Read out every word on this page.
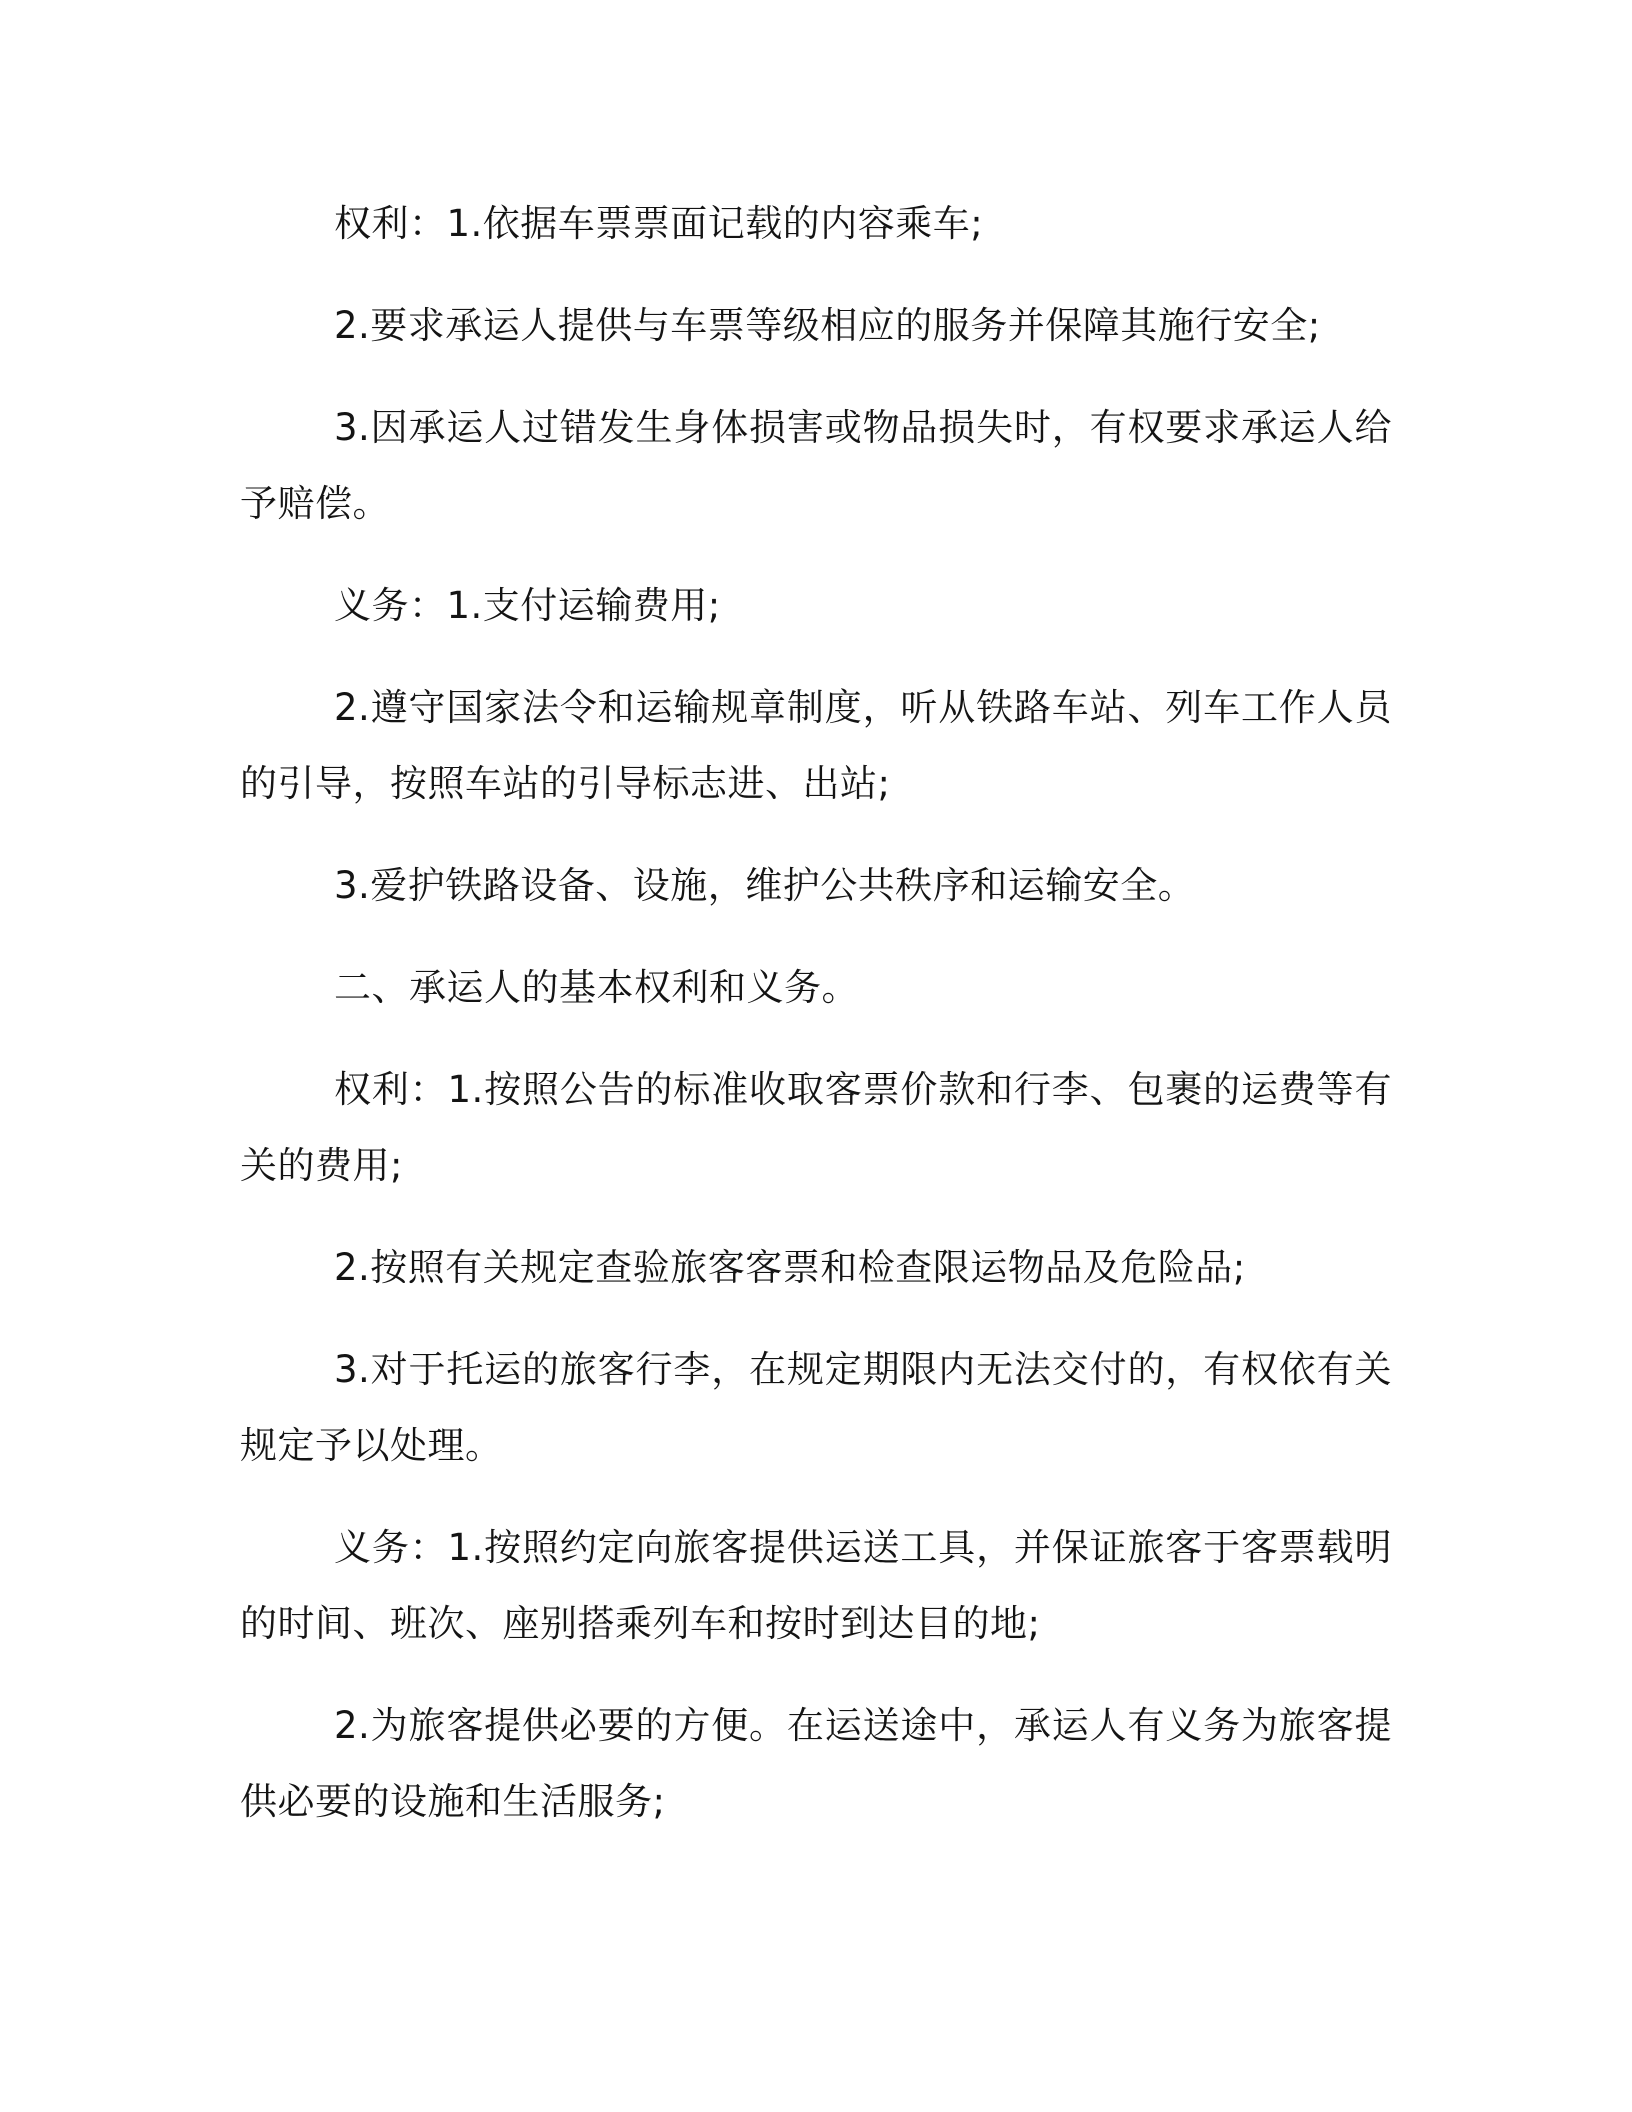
权利：1.依据车票票面记载的内容乘车;

2.要求承运人提供与车票等级相应的服务并保障其施行安全;

3.因承运人过错发生身体损害或物品损失时，有权要求承运人给予赔偿。

义务：1.支付运输费用;

2.遵守国家法令和运输规章制度，听从铁路车站、列车工作人员的引导，按照车站的引导标志进、出站;

3.爱护铁路设备、设施，维护公共秩序和运输安全。

二、承运人的基本权利和义务。

权利：1.按照公告的标准收取客票价款和行李、包裹的运费等有关的费用;

2.按照有关规定查验旅客客票和检查限运物品及危险品;

3.对于托运的旅客行李，在规定期限内无法交付的，有权依有关规定予以处理。

义务：1.按照约定向旅客提供运送工具，并保证旅客于客票载明的时间、班次、座别搭乘列车和按时到达目的地;

2.为旅客提供必要的方便。在运送途中，承运人有义务为旅客提供必要的设施和生活服务;
